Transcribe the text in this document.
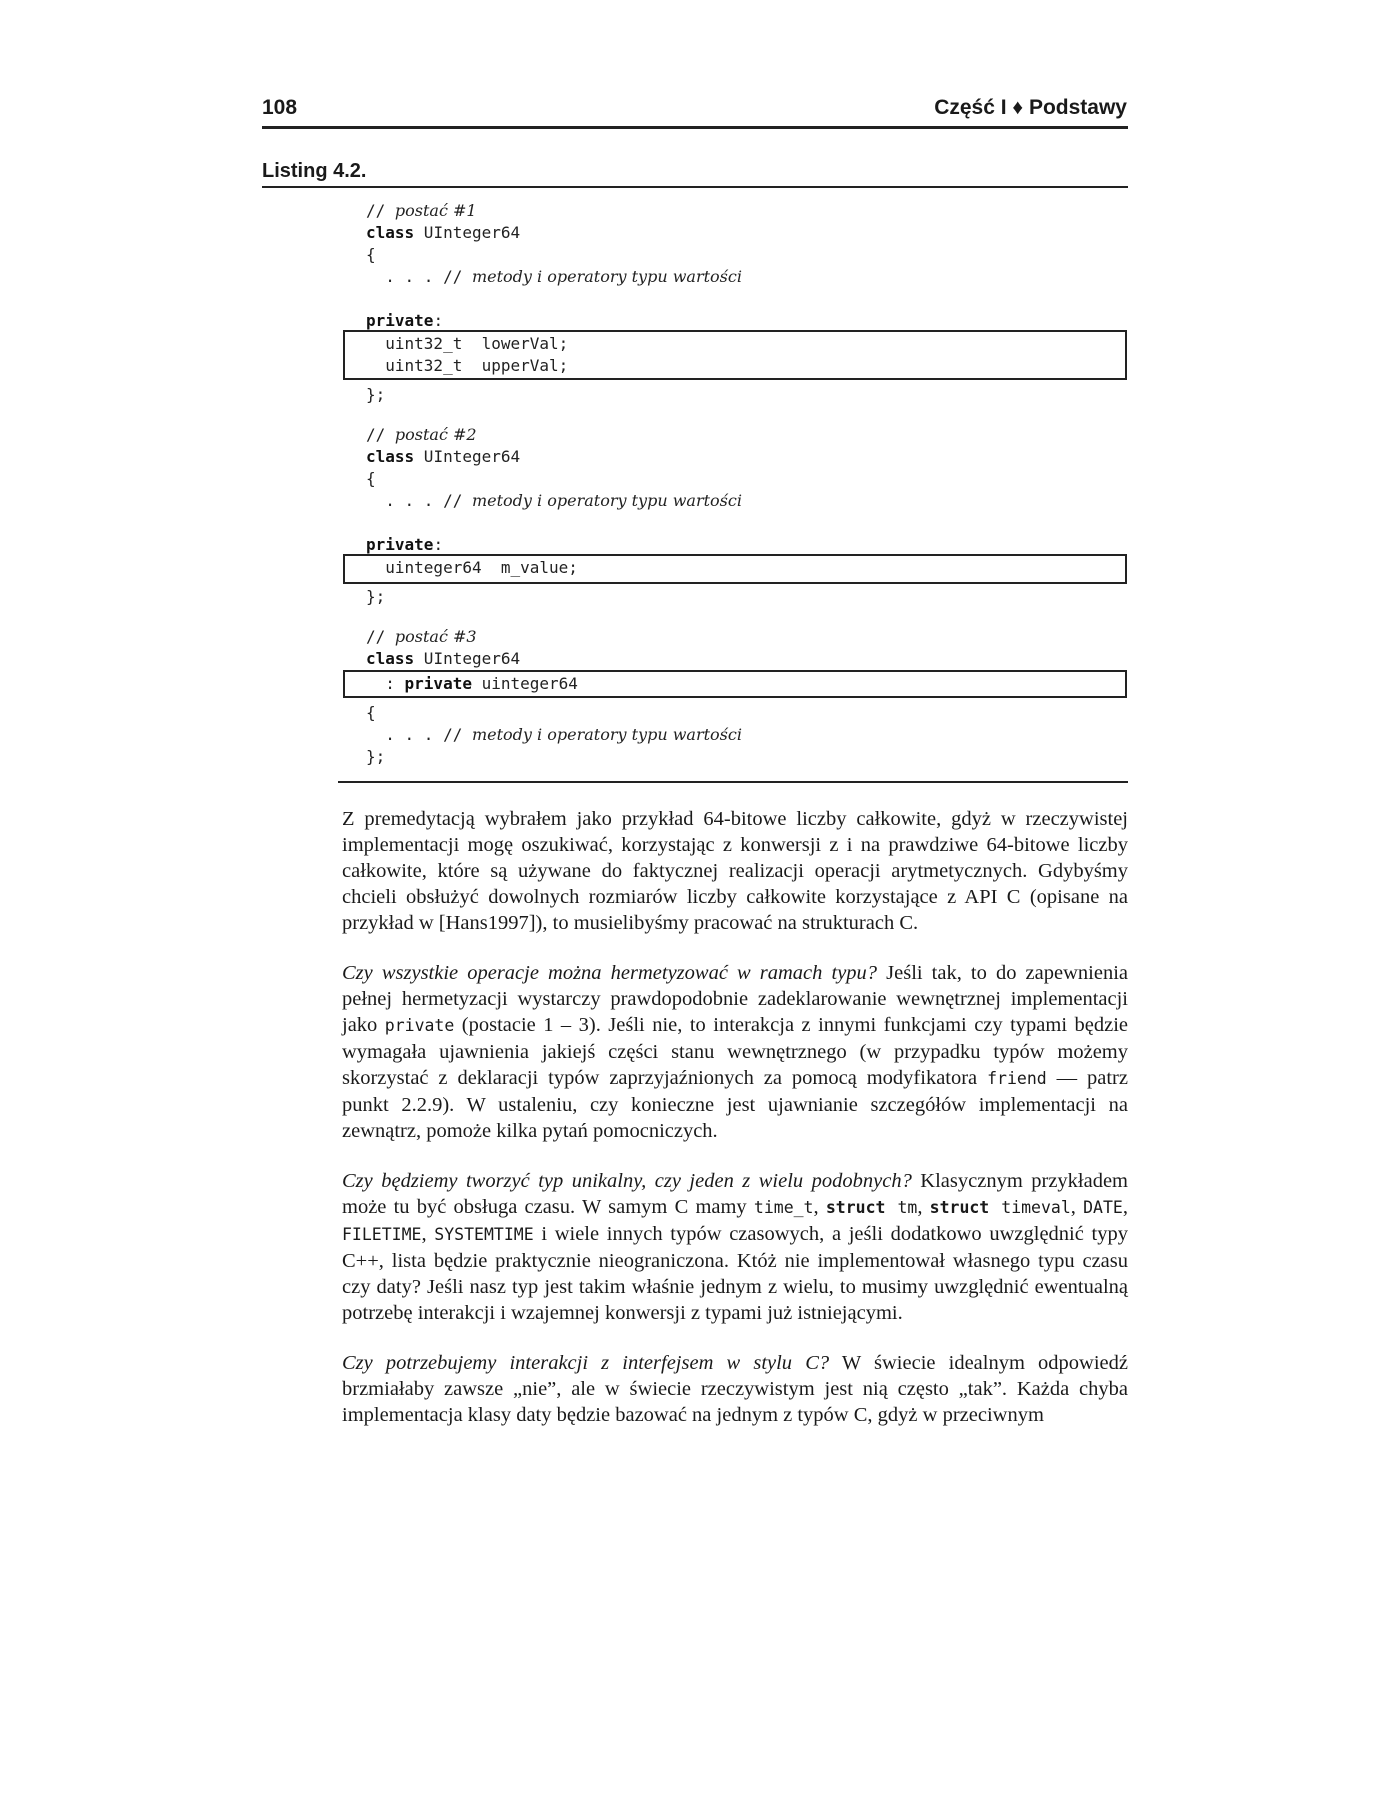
108	Część I ♦ Podstawy
Listing 4.2.
// postać #1
class UInteger64
{
. . . // metody i operatory typu wartości
private:
uint32_t  lowerVal;
uint32_t  upperVal;
};
// postać #2
class UInteger64
{
. . . // metody i operatory typu wartości
private:
uinteger64  m_value;
};
// postać #3
class UInteger64
: private uinteger64
{
. . . // metody i operatory typu wartości
};

Z premedytacją wybrałem jako przykład 64-bitowe liczby całkowite, gdyż w rzeczywistej implementacji mogę oszukiwać, korzystając z konwersji z i na prawdziwe 64-bitowe liczby całkowite, które są używane do faktycznej realizacji operacji arytmetycznych. Gdybyśmy chcieli obsłużyć dowolnych rozmiarów liczby całkowite korzystające z API C (opisane na przykład w [Hans1997]), to musielibyśmy pracować na strukturach C.

Czy wszystkie operacje można hermetyzować w ramach typu? Jeśli tak, to do zapewnienia pełnej hermetyzacji wystarczy prawdopodobnie zadeklarowanie wewnętrznej implementacji jako private (postacie 1 – 3). Jeśli nie, to interakcja z innymi funkcjami czy typami będzie wymagała ujawnienia jakiejś części stanu wewnętrznego (w przypadku typów możemy skorzystać z deklaracji typów zaprzyjaźnionych za pomocą modyfikatora friend — patrz punkt 2.2.9). W ustaleniu, czy konieczne jest ujawnianie szczegółów implementacji na zewnątrz, pomoże kilka pytań pomocniczych.

Czy będziemy tworzyć typ unikalny, czy jeden z wielu podobnych? Klasycznym przykładem może tu być obsługa czasu. W samym C mamy time_t, struct tm, struct timeval, DATE, FILETIME, SYSTEMTIME i wiele innych typów czasowych, a jeśli dodatkowo uwzględnić typy C++, lista będzie praktycznie nieograniczona. Któż nie implementował własnego typu czasu czy daty? Jeśli nasz typ jest takim właśnie jednym z wielu, to musimy uwzględnić ewentualną potrzebę interakcji i wzajemnej konwersji z typami już istniejącymi.

Czy potrzebujemy interakcji z interfejsem w stylu C? W świecie idealnym odpowiedź brzmiałaby zawsze „nie”, ale w świecie rzeczywistym jest nią często „tak”. Każda chyba implementacja klasy daty będzie bazować na jednym z typów C, gdyż w przeciwnym
